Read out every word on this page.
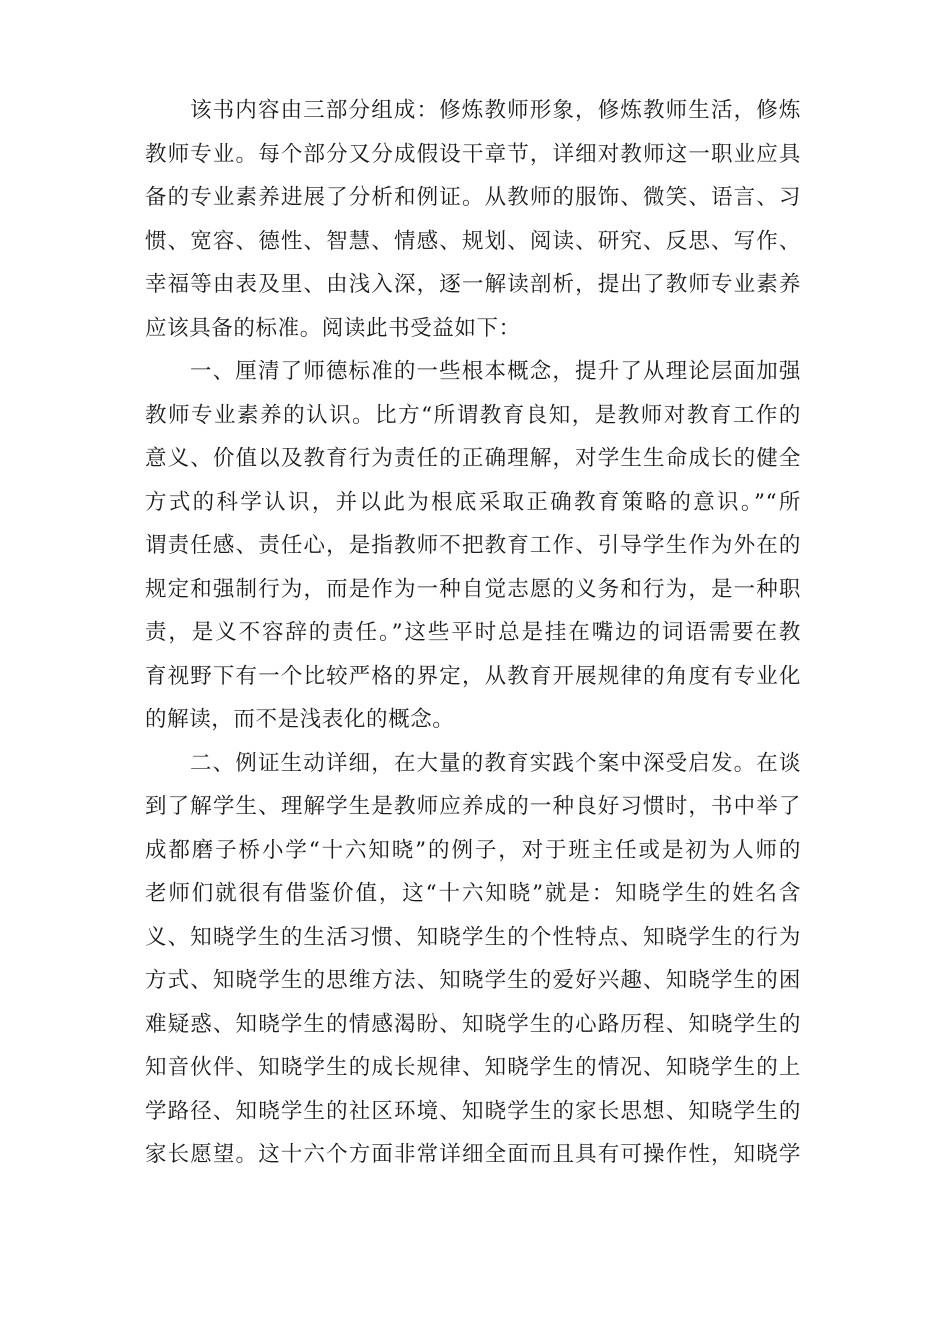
该书内容由三部分组成：修炼教师形象，修炼教师生活，修炼
教师专业。每个部分又分成假设干章节，详细对教师这一职业应具
备的专业素养进展了分析和例证。从教师的服饰、微笑、语言、习
惯、宽容、德性、智慧、情感、规划、阅读、研究、反思、写作、
幸福等由表及里、由浅入深，逐一解读剖析，提出了教师专业素养
应该具备的标准。阅读此书受益如下：

一、厘清了师德标准的一些根本概念，提升了从理论层面加强
教师专业素养的认识。比方“所谓教育良知，是教师对教育工作的
意义、价值以及教育行为责任的正确理解，对学生生命成长的健全
方式的科学认识，并以此为根底采取正确教育策略的意识。”“所
谓责任感、责任心，是指教师不把教育工作、引导学生作为外在的
规定和强制行为，而是作为一种自觉志愿的义务和行为，是一种职
责，是义不容辞的责任。”这些平时总是挂在嘴边的词语需要在教
育视野下有一个比较严格的界定，从教育开展规律的角度有专业化
的解读，而不是浅表化的概念。

二、例证生动详细，在大量的教育实践个案中深受启发。在谈
到了解学生、理解学生是教师应养成的一种良好习惯时，书中举了
成都磨子桥小学“十六知晓”的例子，对于班主任或是初为人师的
老师们就很有借鉴价值，这“十六知晓”就是：知晓学生的姓名含
义、知晓学生的生活习惯、知晓学生的个性特点、知晓学生的行为
方式、知晓学生的思维方法、知晓学生的爱好兴趣、知晓学生的困
难疑惑、知晓学生的情感渴盼、知晓学生的心路历程、知晓学生的
知音伙伴、知晓学生的成长规律、知晓学生的情况、知晓学生的上
学路径、知晓学生的社区环境、知晓学生的家长思想、知晓学生的
家长愿望。这十六个方面非常详细全面而且具有可操作性，知晓学
